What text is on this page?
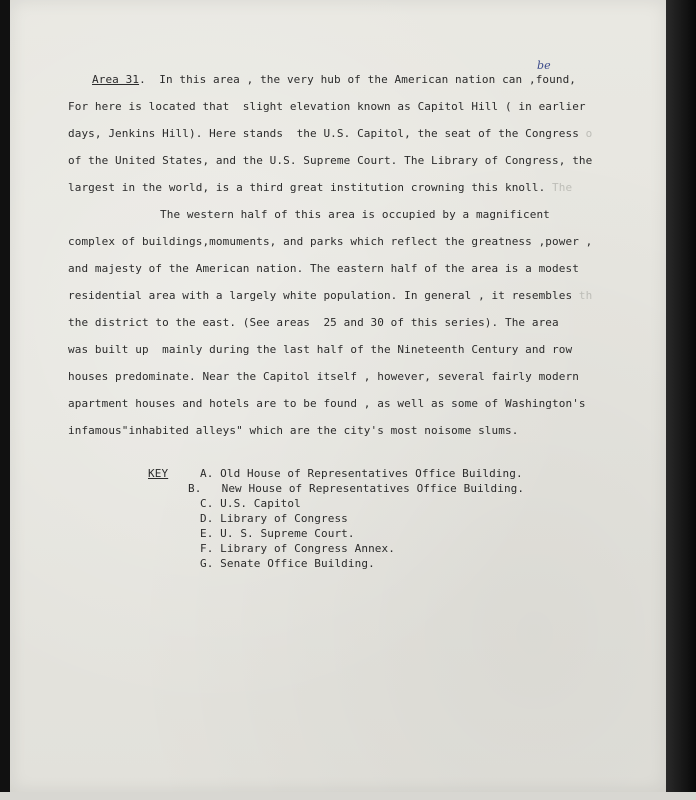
Area 31.  In this area , the very hub of the American nation can ,found,
be
For here is located that  slight elevation known as Capitol Hill ( in earlier
days, Jenkins Hill). Here stands  the U.S. Capitol, the seat of the Congress o
of the United States, and the U.S. Supreme Court. The Library of Congress, the
largest in the world, is a third great institution crowning this knoll. The
The western half of this area is occupied by a magnificent
complex of buildings,momuments, and parks which reflect the greatness ,power ,
and majesty of the American nation. The eastern half of the area is a modest
residential area with a largely white population. In general , it resembles th
the district to the east. (See areas  25 and 30 of this series). The area
was built up  mainly during the last half of the Nineteenth Century and row
houses predominate. Near the Capitol itself , however, several fairly modern
apartment houses and hotels are to be found , as well as some of Washington's
infamous"inhabited alleys" which are the city's most noisome slums.
KEY	A. Old House of Representatives Office Building.
B.   New House of Representatives Office Building.
C. U.S. Capitol
D. Library of Congress
E. U. S. Supreme Court.
F. Library of Congress Annex.
G. Senate Office Building.
